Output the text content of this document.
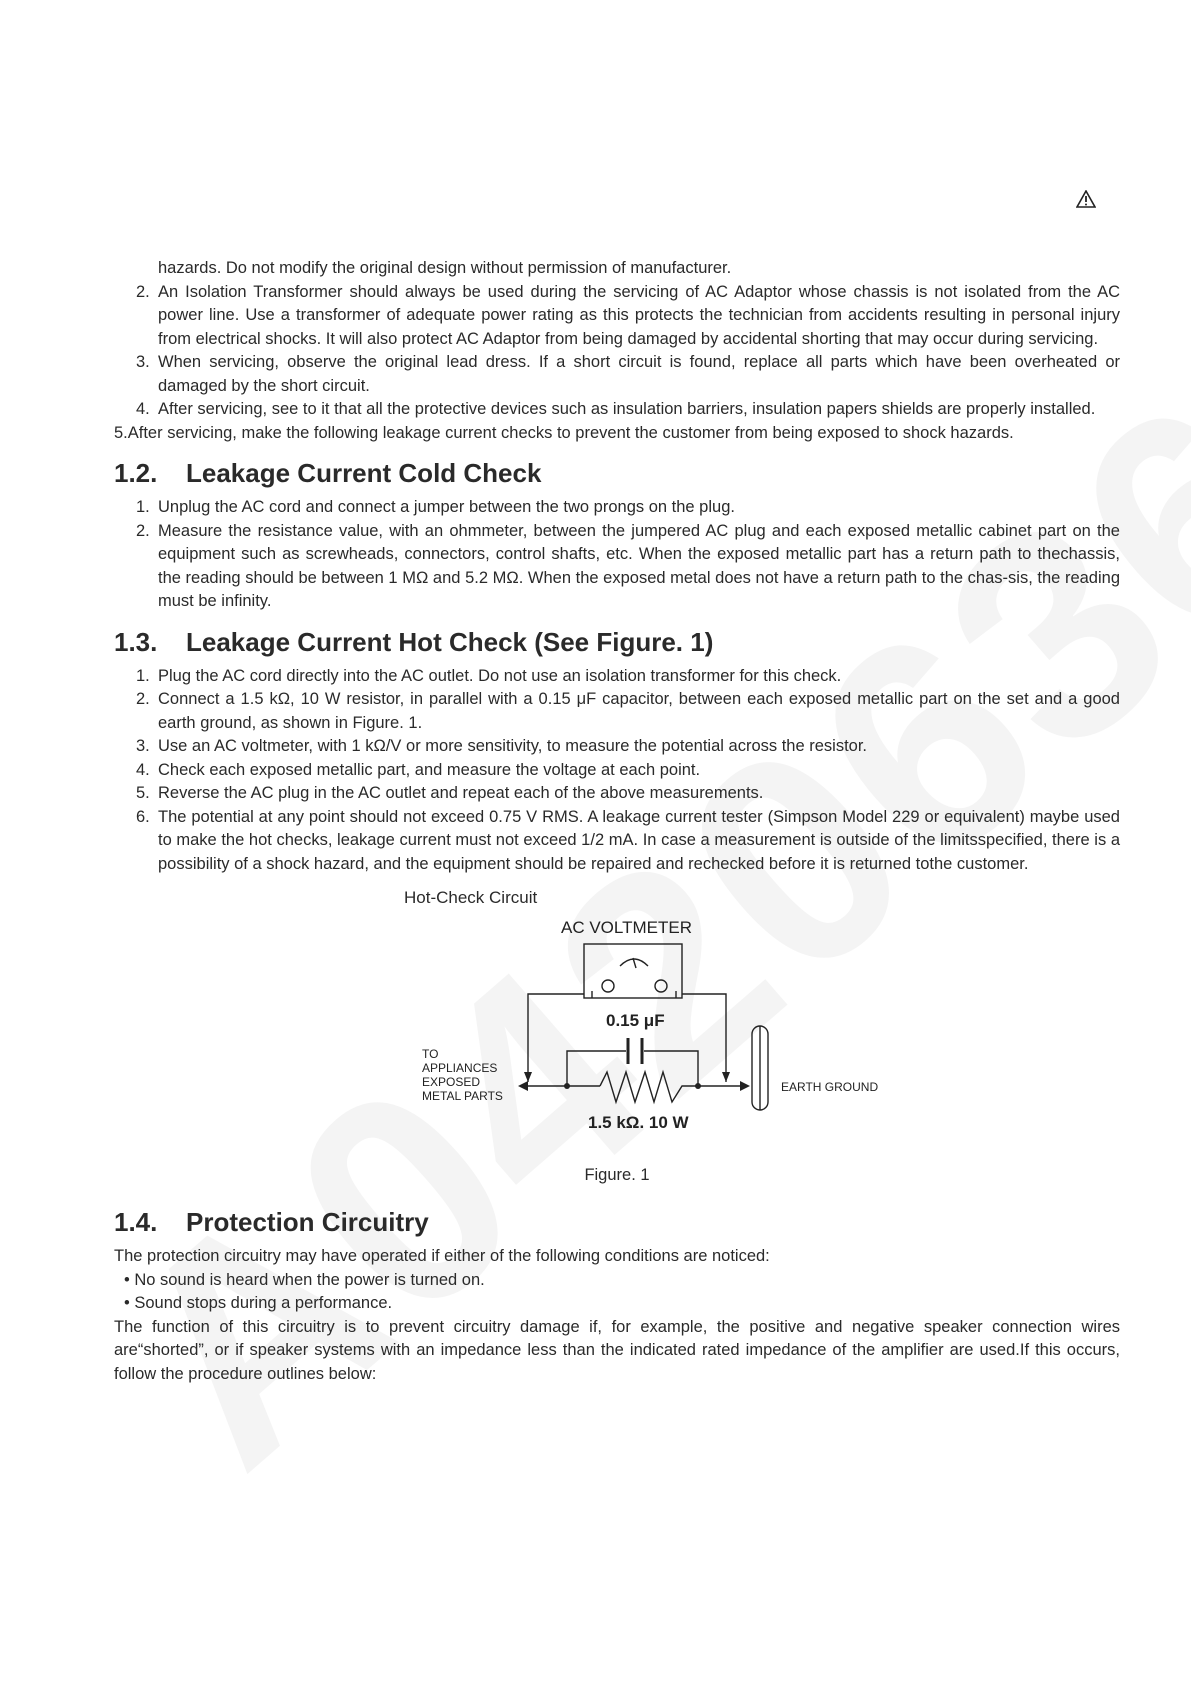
hazards. Do not modify the original design without permission of manufacturer.
2. An Isolation Transformer should always be used during the servicing of AC Adaptor whose chassis is not isolated from the AC power line. Use a transformer of adequate power rating as this protects the technician from accidents resulting in personal injury from electrical shocks. It will also protect AC Adaptor from being damaged by accidental shorting that may occur during servicing.
3. When servicing, observe the original lead dress. If a short circuit is found, replace all parts which have been overheated or damaged by the short circuit.
4. After servicing, see to it that all the protective devices such as insulation barriers, insulation papers shields are properly installed.
5.After servicing, make the following leakage current checks to prevent the customer from being exposed to shock hazards.
1.2. Leakage Current Cold Check
1. Unplug the AC cord and connect a jumper between the two prongs on the plug.
2. Measure the resistance value, with an ohmmeter, between the jumpered AC plug and each exposed metallic cabinet part on the equipment such as screwheads, connectors, control shafts, etc. When the exposed metallic part has a return path to thechassis, the reading should be between 1 MΩ and 5.2 MΩ. When the exposed metal does not have a return path to the chas-sis, the reading must be infinity.
1.3. Leakage Current Hot Check (See Figure. 1)
1. Plug the AC cord directly into the AC outlet. Do not use an isolation transformer for this check.
2. Connect a 1.5 kΩ, 10 W resistor, in parallel with a 0.15 μF capacitor, between each exposed metallic part on the set and a good earth ground, as shown in Figure. 1.
3. Use an AC voltmeter, with 1 kΩ/V or more sensitivity, to measure the potential across the resistor.
4. Check each exposed metallic part, and measure the voltage at each point.
5. Reverse the AC plug in the AC outlet and repeat each of the above measurements.
6. The potential at any point should not exceed 0.75 V RMS. A leakage current tester (Simpson Model 229 or equivalent) maybe used to make the hot checks, leakage current must not exceed 1/2 mA. In case a measurement is outside of the limitsspecified, there is a possibility of a shock hazard, and the equipment should be repaired and rechecked before it is returned tothe customer.
Hot-Check Circuit
AC VOLTMETER
0.15 μF
1.5 kΩ. 10 W
TO
APPLIANCES
EXPOSED
METAL PARTS
EARTH GROUND
Figure. 1
1.4. Protection Circuitry

The protection circuitry may have operated if either of the following conditions are noticed:

• No sound is heard when the power is turned on.

• Sound stops during a performance.

The function of this circuitry is to prevent circuitry damage if, for example, the positive and negative speaker connection wires are“shorted”, or if speaker systems with an impedance less than the indicated rated impedance of the amplifier are used.If this occurs, follow the procedure outlines below:
